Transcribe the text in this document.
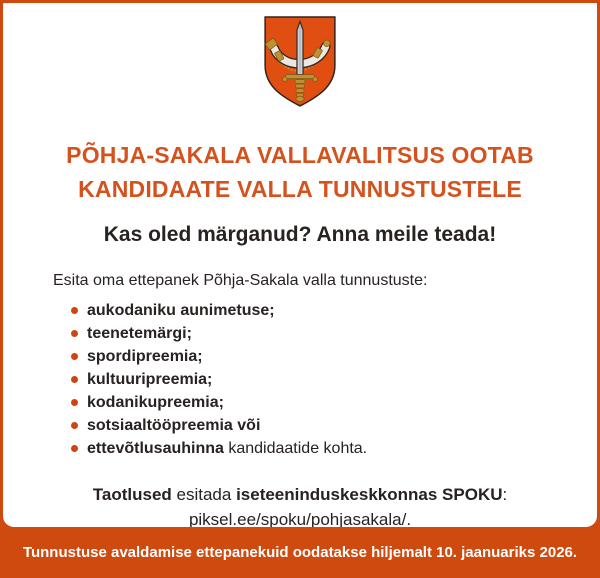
PÕHJA-SAKALA VALLAVALITSUS OOTAB
KANDIDAATE VALLA TUNNUSTUSTELE
Kas oled märganud? Anna meile teada!
Esita oma ettepanek Põhja-Sakala valla tunnustuste:
aukodaniku aunimetuse;
teenetemärgi;
spordipreemia;
kultuuripreemia;
kodanikupreemia;
sotsiaaltööpreemia või
ettevõtlusauhinna kandidaatide kohta.
Taotlused esitada iseteeninduskeskkonnas SPOKU:
piksel.ee/spoku/pohjasakala/.
Tunnustuse avaldamise ettepanekuid oodatakse hiljemalt 10. jaanuariks 2026.
